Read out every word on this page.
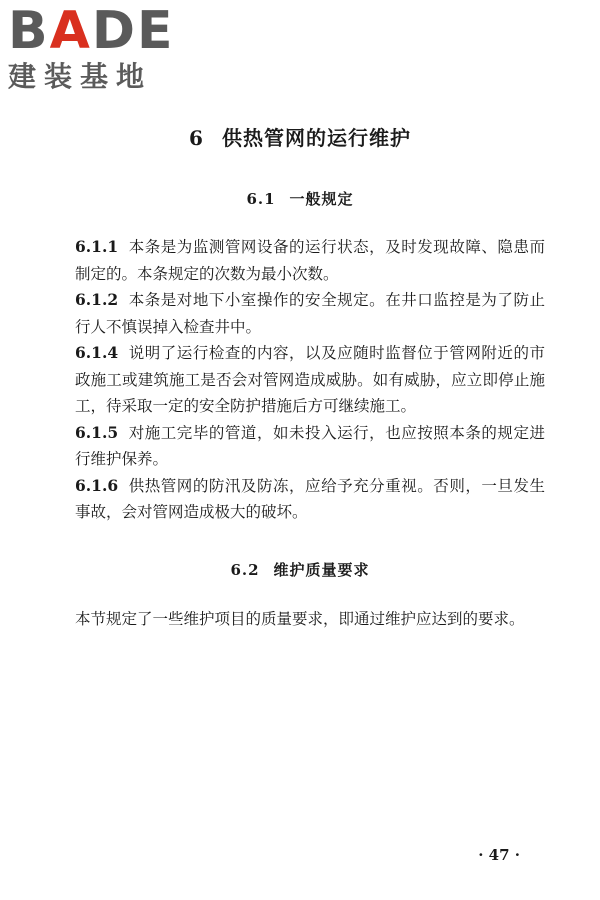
BADE
建装基地
6 供热管网的运行维护
6.1 一般规定

6.1.1 本条是为监测管网设备的运行状态，及时发现故障、隐患而制定的。本条规定的次数为最小次数。

6.1.2 本条是对地下小室操作的安全规定。在井口监控是为了防止行人不慎误掉入检查井中。

6.1.4 说明了运行检查的内容，以及应随时监督位于管网附近的市政施工或建筑施工是否会对管网造成威胁。如有威胁，应立即停止施工，待采取一定的安全防护措施后方可继续施工。

6.1.5 对施工完毕的管道，如未投入运行，也应按照本条的规定进行维护保养。

6.1.6 供热管网的防汛及防冻，应给予充分重视。否则，一旦发生事故，会对管网造成极大的破坏。

6.2 维护质量要求

本节规定了一些维护项目的质量要求，即通过维护应达到的要求。

· 47 ·
